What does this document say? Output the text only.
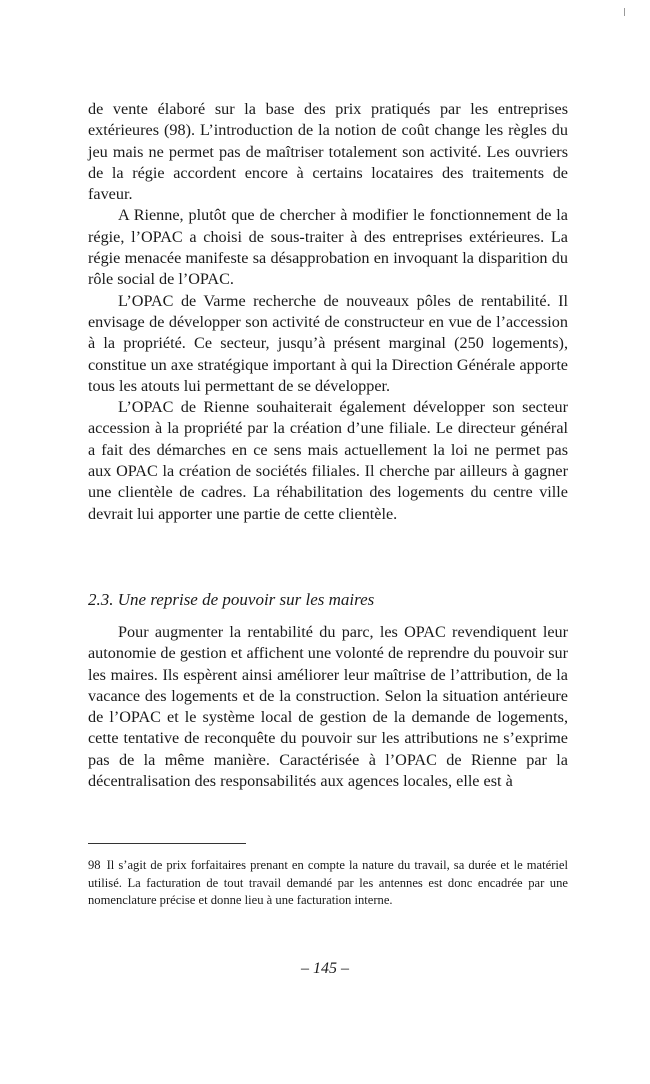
de vente élaboré sur la base des prix pratiqués par les entreprises extérieures (98). L’introduction de la notion de coût change les règles du jeu mais ne permet pas de maîtriser totalement son activité. Les ouvriers de la régie accordent encore à certains locataires des traitements de faveur.

A Rienne, plutôt que de chercher à modifier le fonctionnement de la régie, l’OPAC a choisi de sous-traiter à des entreprises extérieures. La régie menacée manifeste sa désapprobation en invoquant la disparition du rôle social de l’OPAC.

L’OPAC de Varme recherche de nouveaux pôles de rentabilité. Il envisage de développer son activité de constructeur en vue de l’accession à la propriété. Ce secteur, jusqu’à présent marginal (250 logements), constitue un axe stratégique important à qui la Direction Générale apporte tous les atouts lui permettant de se développer.

L’OPAC de Rienne souhaiterait également développer son secteur accession à la propriété par la création d’une filiale. Le directeur général a fait des démarches en ce sens mais actuellement la loi ne permet pas aux OPAC la création de sociétés filiales. Il cherche par ailleurs à gagner une clientèle de cadres. La réhabilitation des logements du centre ville devrait lui apporter une partie de cette clientèle.

2.3. Une reprise de pouvoir sur les maires

Pour augmenter la rentabilité du parc, les OPAC revendiquent leur autonomie de gestion et affichent une volonté de reprendre du pouvoir sur les maires. Ils espèrent ainsi améliorer leur maîtrise de l’attribution, de la vacance des logements et de la construction. Selon la situation antérieure de l’OPAC et le système local de gestion de la demande de logements, cette tentative de reconquête du pouvoir sur les attributions ne s’exprime pas de la même manière. Caractérisée à l’OPAC de Rienne par la décentralisation des responsabilités aux agences locales, elle est à

98 Il s’agit de prix forfaitaires prenant en compte la nature du travail, sa durée et le matériel utilisé. La facturation de tout travail demandé par les antennes est donc encadrée par une nomenclature précise et donne lieu à une facturation interne.

– 145 –
